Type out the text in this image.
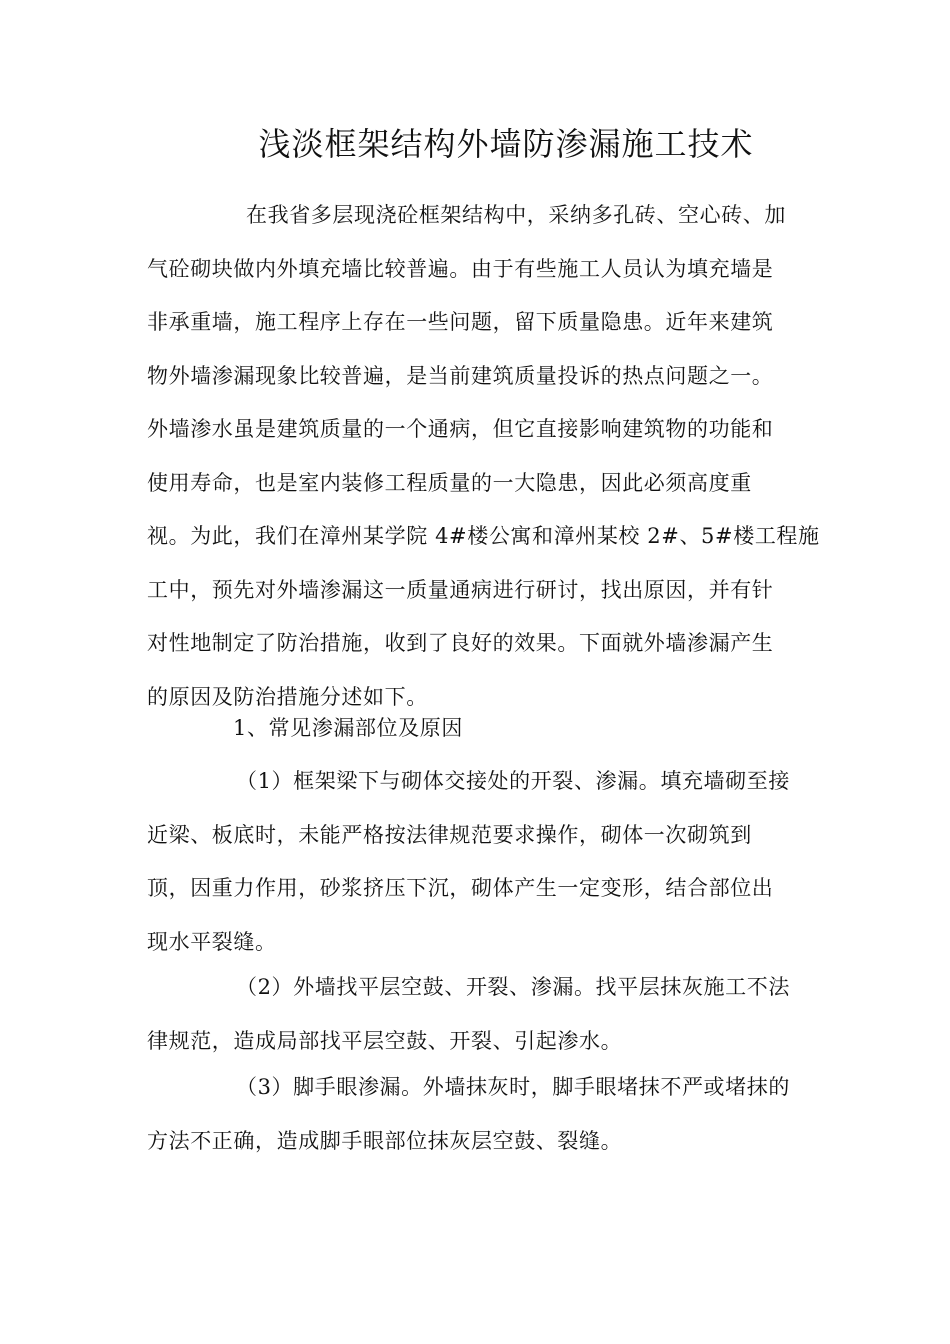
浅淡框架结构外墙防渗漏施工技术
在我省多层现浇砼框架结构中，采纳多孔砖、空心砖、加
气砼砌块做内外填充墙比较普遍。由于有些施工人员认为填充墙是
非承重墙，施工程序上存在一些问题，留下质量隐患。近年来建筑
物外墙渗漏现象比较普遍，是当前建筑质量投诉的热点问题之一。
外墙渗水虽是建筑质量的一个通病，但它直接影响建筑物的功能和
使用寿命，也是室内装修工程质量的一大隐患，因此必须高度重
视。为此，我们在漳州某学院 4#楼公寓和漳州某校 2#、5#楼工程施
工中，预先对外墙渗漏这一质量通病进行研讨，找出原因，并有针
对性地制定了防治措施，收到了良好的效果。下面就外墙渗漏产生
的原因及防治措施分述如下。
1、常见渗漏部位及原因
（1）框架梁下与砌体交接处的开裂、渗漏。填充墙砌至接
近梁、板底时，未能严格按法律规范要求操作，砌体一次砌筑到
顶，因重力作用，砂浆挤压下沉，砌体产生一定变形，结合部位出
现水平裂缝。
（2）外墙找平层空鼓、开裂、渗漏。找平层抹灰施工不法
律规范，造成局部找平层空鼓、开裂、引起渗水。
（3）脚手眼渗漏。外墙抹灰时，脚手眼堵抹不严或堵抹的
方法不正确，造成脚手眼部位抹灰层空鼓、裂缝。
